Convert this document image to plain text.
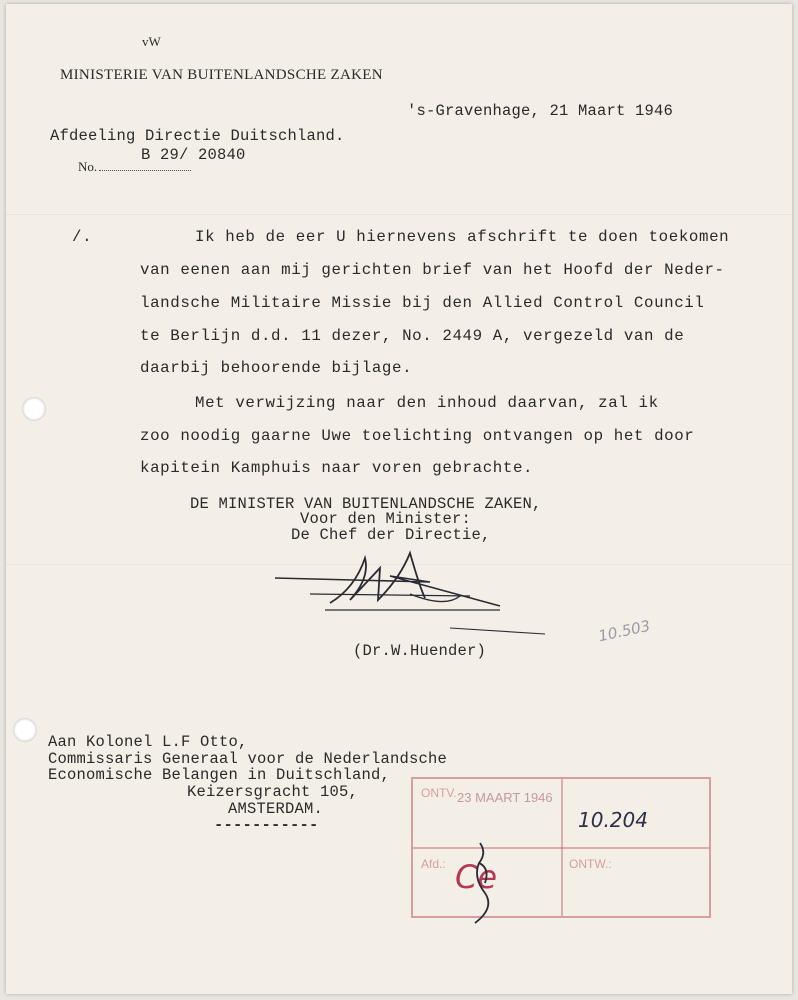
vW
MINISTERIE VAN BUITENLANDSCHE ZAKEN
's-Gravenhage, 21 Maart 1946
Afdeeling Directie Duitschland.
B 29/ 20840
No.
/.	Ik heb de eer U hiernevens afschrift te doen toekomen
van eenen aan mij gerichten brief van het Hoofd der Neder-
landsche Militaire Missie bij den Allied Control Council
te Berlijn d.d. 11 dezer, No. 2449 A, vergezeld van de
daarbij behoorende bijlage.
Met verwijzing naar den inhoud daarvan, zal ik
zoo noodig gaarne Uwe toelichting ontvangen op het door
kapitein Kamphuis naar voren gebrachte.
DE MINISTER VAN BUITENLANDSCHE ZAKEN,
Voor den Minister:
De Chef der Directie,
(Dr.W.Huender)
10.503
Aan Kolonel L.F Otto,
Commissaris Generaal voor de Nederlandsche
Economische Belangen in Duitschland,
Keizersgracht 105,
AMSTERDAM.
-----------
ONTV. 23 MAART 1946
Afd.:	ONTW.:
10.204
Ce
